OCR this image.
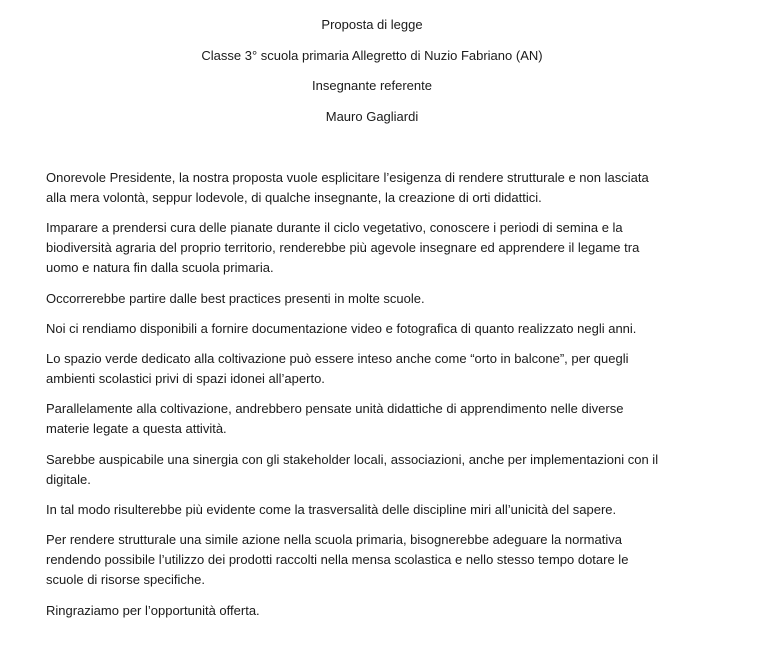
Proposta di legge
Classe 3° scuola primaria Allegretto di Nuzio Fabriano (AN)
Insegnante referente
Mauro Gagliardi
Onorevole Presidente, la nostra proposta vuole esplicitare l’esigenza di rendere strutturale e non lasciata
alla mera volontà, seppur lodevole, di qualche insegnante, la creazione di orti didattici.
Imparare a prendersi cura delle pianate durante il ciclo vegetativo, conoscere i periodi di semina e la
biodiversità agraria del proprio territorio, renderebbe più agevole insegnare ed apprendere il legame tra
uomo e natura fin dalla scuola primaria.
Occorrerebbe partire dalle best practices presenti in molte scuole.
Noi ci rendiamo disponibili a fornire documentazione video e fotografica di quanto realizzato negli anni.
Lo spazio verde dedicato alla coltivazione può essere inteso anche come “orto in balcone”, per quegli
ambienti scolastici privi di spazi idonei all’aperto.
Parallelamente alla coltivazione, andrebbero pensate unità didattiche di apprendimento nelle diverse
materie legate a questa attività.
Sarebbe auspicabile una sinergia con gli stakeholder locali, associazioni, anche per implementazioni con il
digitale.
In tal modo risulterebbe più evidente come la trasversalità delle discipline miri all’unicità del sapere.
Per rendere strutturale una simile azione nella scuola primaria, bisognerebbe adeguare la normativa
rendendo possibile l’utilizzo dei prodotti raccolti nella mensa scolastica e nello stesso tempo dotare le
scuole di risorse specifiche.
Ringraziamo per l’opportunità offerta.
